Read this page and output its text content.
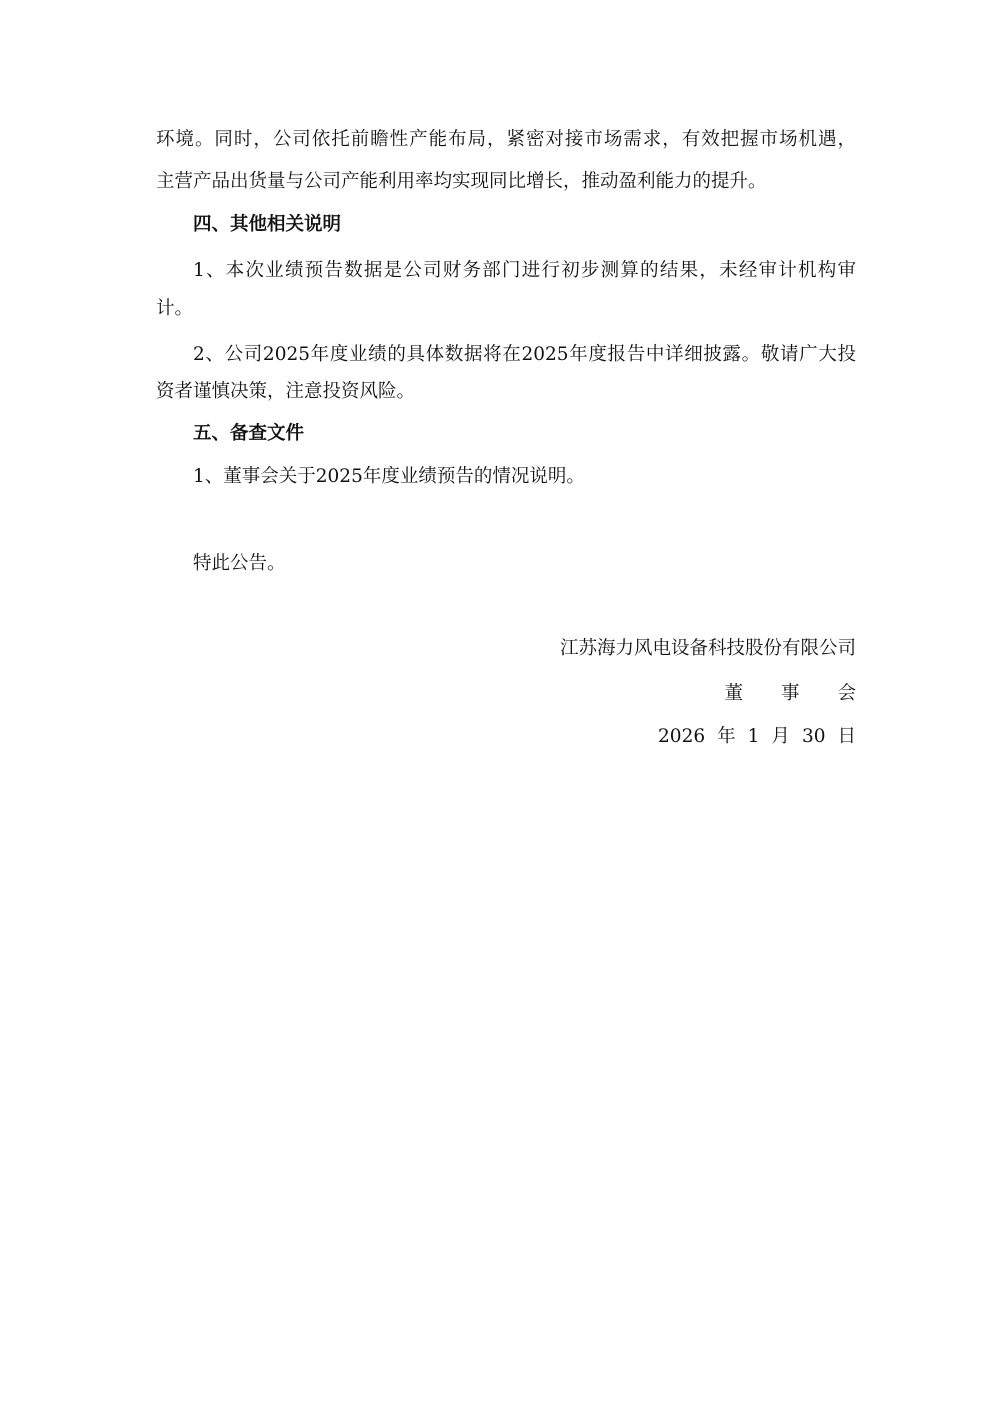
环境。同时，公司依托前瞻性产能布局，紧密对接市场需求，有效把握市场机遇，
主营产品出货量与公司产能利用率均实现同比增长，推动盈利能力的提升。
四、其他相关说明
1、本次业绩预告数据是公司财务部门进行初步测算的结果，未经审计机构审
计。
2、公司2025年度业绩的具体数据将在2025年度报告中详细披露。敬请广大投
资者谨慎决策，注意投资风险。
五、备查文件
1、董事会关于2025年度业绩预告的情况说明。
特此公告。
江苏海力风电设备科技股份有限公司
董 事 会
2026 年 1 月 30 日
